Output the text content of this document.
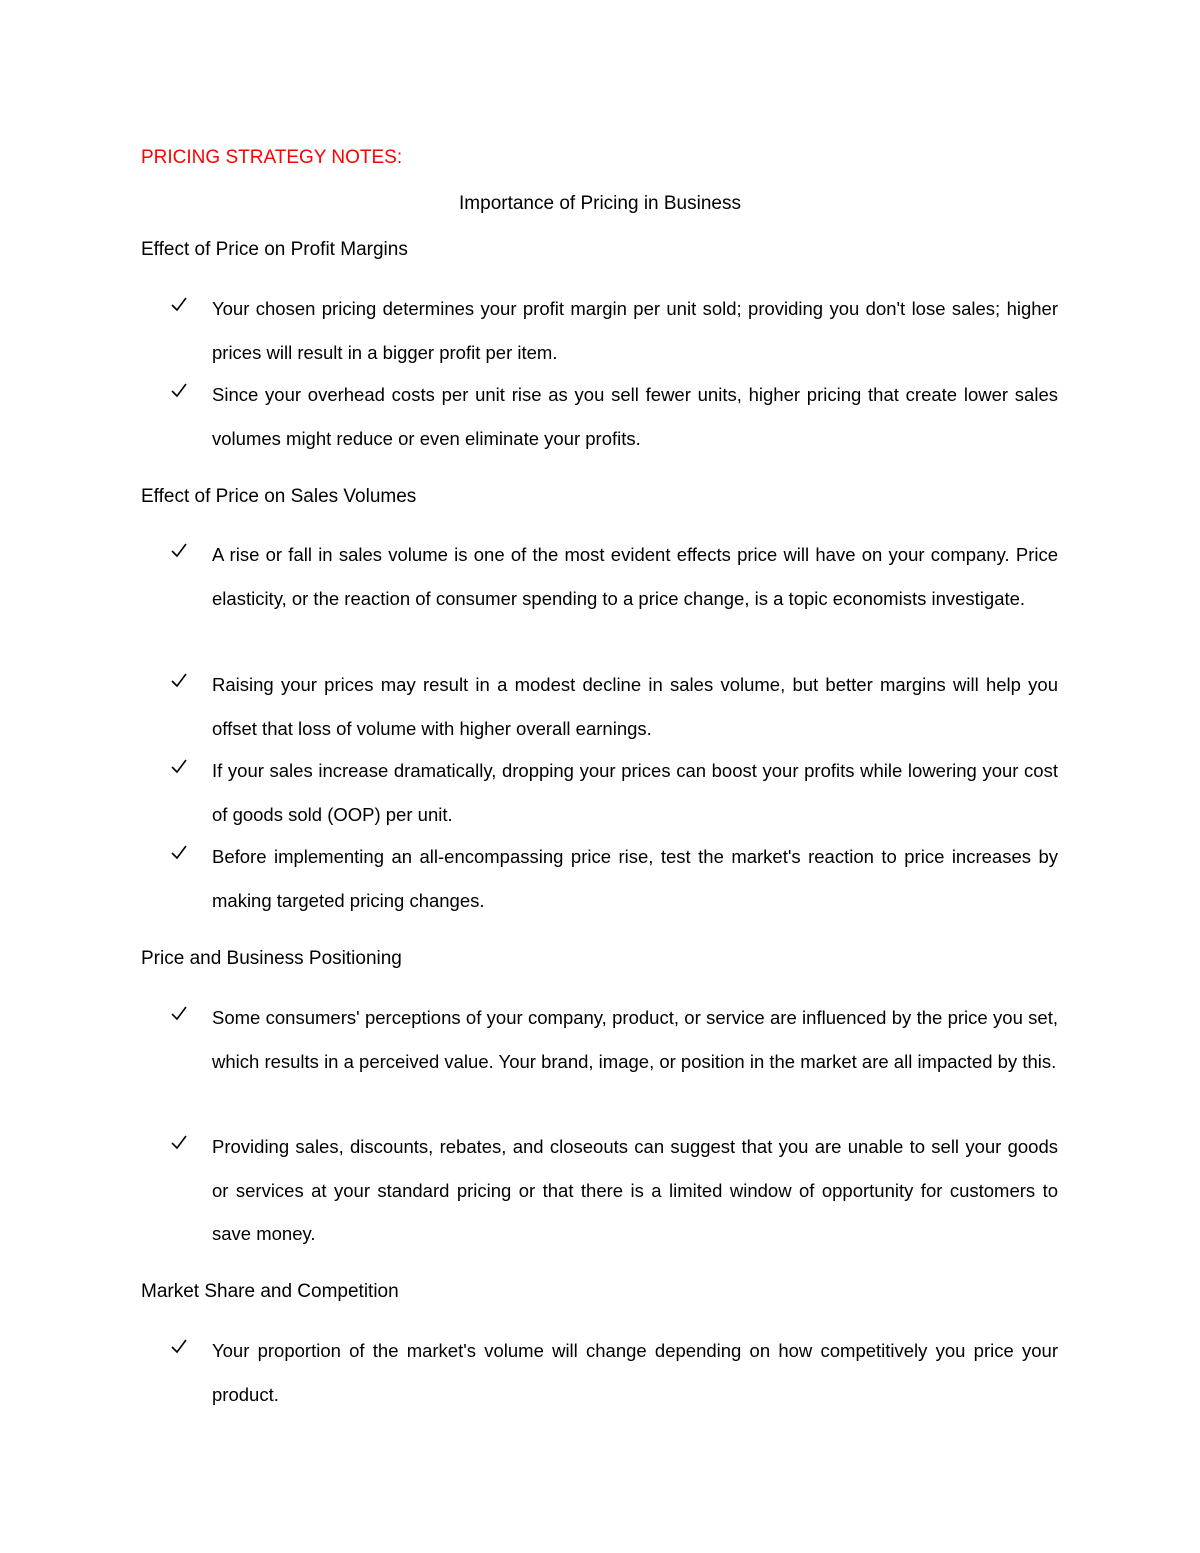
PRICING STRATEGY NOTES:
Importance of Pricing in Business
Effect of Price on Profit Margins
Your chosen pricing determines your profit margin per unit sold; providing you don't lose sales; higher prices will result in a bigger profit per item.
Since your overhead costs per unit rise as you sell fewer units, higher pricing that create lower sales volumes might reduce or even eliminate your profits.
Effect of Price on Sales Volumes
A rise or fall in sales volume is one of the most evident effects price will have on your company. Price elasticity, or the reaction of consumer spending to a price change, is a topic economists investigate.
Raising your prices may result in a modest decline in sales volume, but better margins will help you offset that loss of volume with higher overall earnings.
If your sales increase dramatically, dropping your prices can boost your profits while lowering your cost of goods sold (OOP) per unit.
Before implementing an all-encompassing price rise, test the market's reaction to price increases by making targeted pricing changes.
Price and Business Positioning
Some consumers' perceptions of your company, product, or service are influenced by the price you set, which results in a perceived value. Your brand, image, or position in the market are all impacted by this.
Providing sales, discounts, rebates, and closeouts can suggest that you are unable to sell your goods or services at your standard pricing or that there is a limited window of opportunity for customers to save money.
Market Share and Competition
Your proportion of the market's volume will change depending on how competitively you price your product.
